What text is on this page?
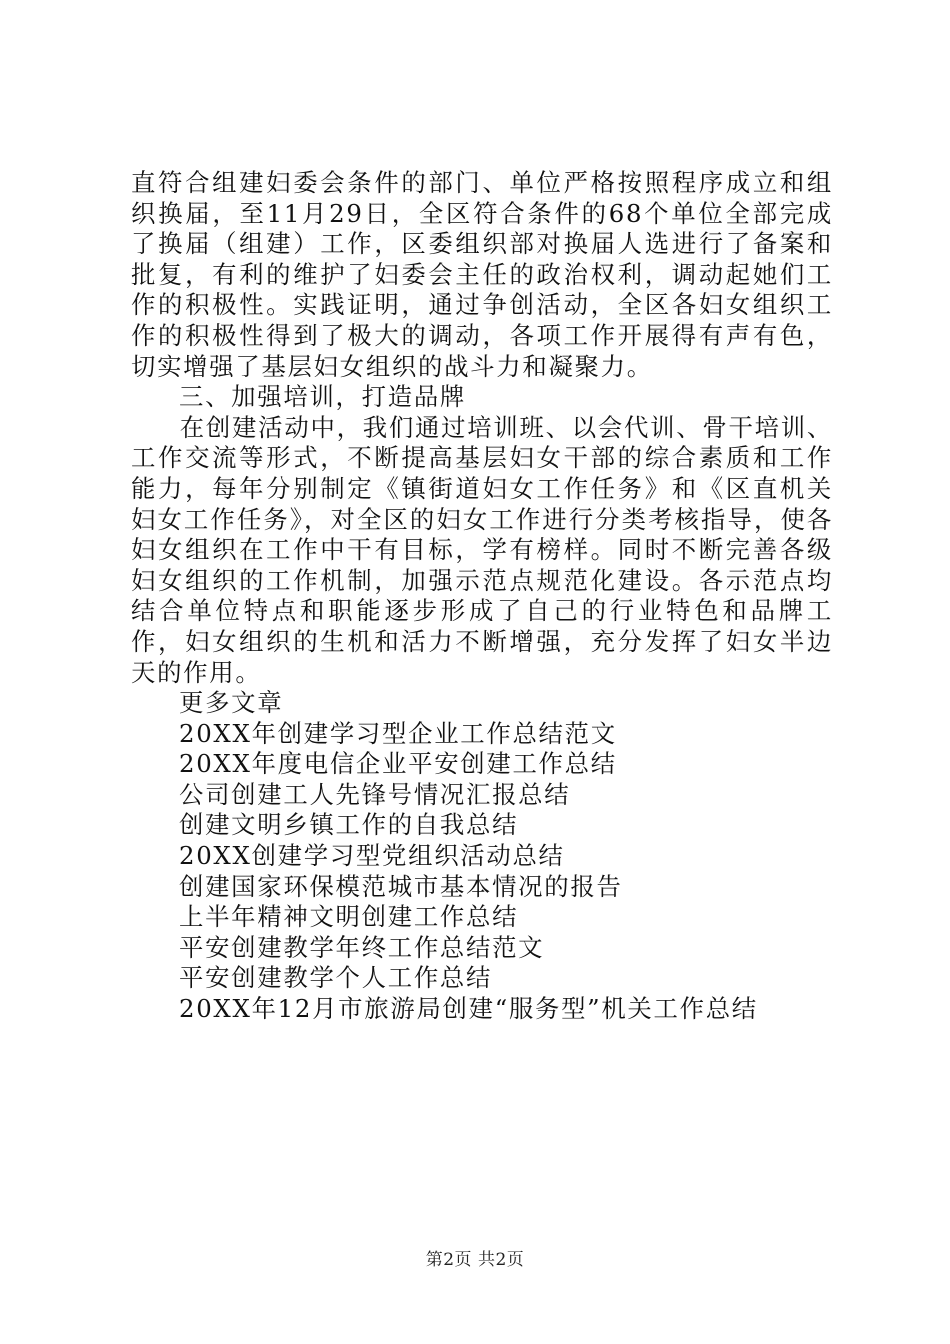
直符合组建妇委会条件的部门、单位严格按照程序成立和组织换届，至11月29日，全区符合条件的68个单位全部完成了换届（组建）工作，区委组织部对换届人选进行了备案和批复，有利的维护了妇委会主任的政治权利，调动起她们工作的积极性。实践证明，通过争创活动，全区各妇女组织工作的积极性得到了极大的调动，各项工作开展得有声有色，切实增强了基层妇女组织的战斗力和凝聚力。

三、加强培训，打造品牌

在创建活动中，我们通过培训班、以会代训、骨干培训、工作交流等形式，不断提高基层妇女干部的综合素质和工作能力，每年分别制定《镇街道妇女工作任务》和《区直机关妇女工作任务》，对全区的妇女工作进行分类考核指导，使各妇女组织在工作中干有目标，学有榜样。同时不断完善各级妇女组织的工作机制，加强示范点规范化建设。各示范点均结合单位特点和职能逐步形成了自己的行业特色和品牌工作，妇女组织的生机和活力不断增强，充分发挥了妇女半边天的作用。

更多文章

20XX年创建学习型企业工作总结范文
20XX年度电信企业平安创建工作总结
公司创建工人先锋号情况汇报总结
创建文明乡镇工作的自我总结
20XX创建学习型党组织活动总结
创建国家环保模范城市基本情况的报告
上半年精神文明创建工作总结
平安创建教学年终工作总结范文
平安创建教学个人工作总结
20XX年12月市旅游局创建“服务型”机关工作总结
第2页 共2页
